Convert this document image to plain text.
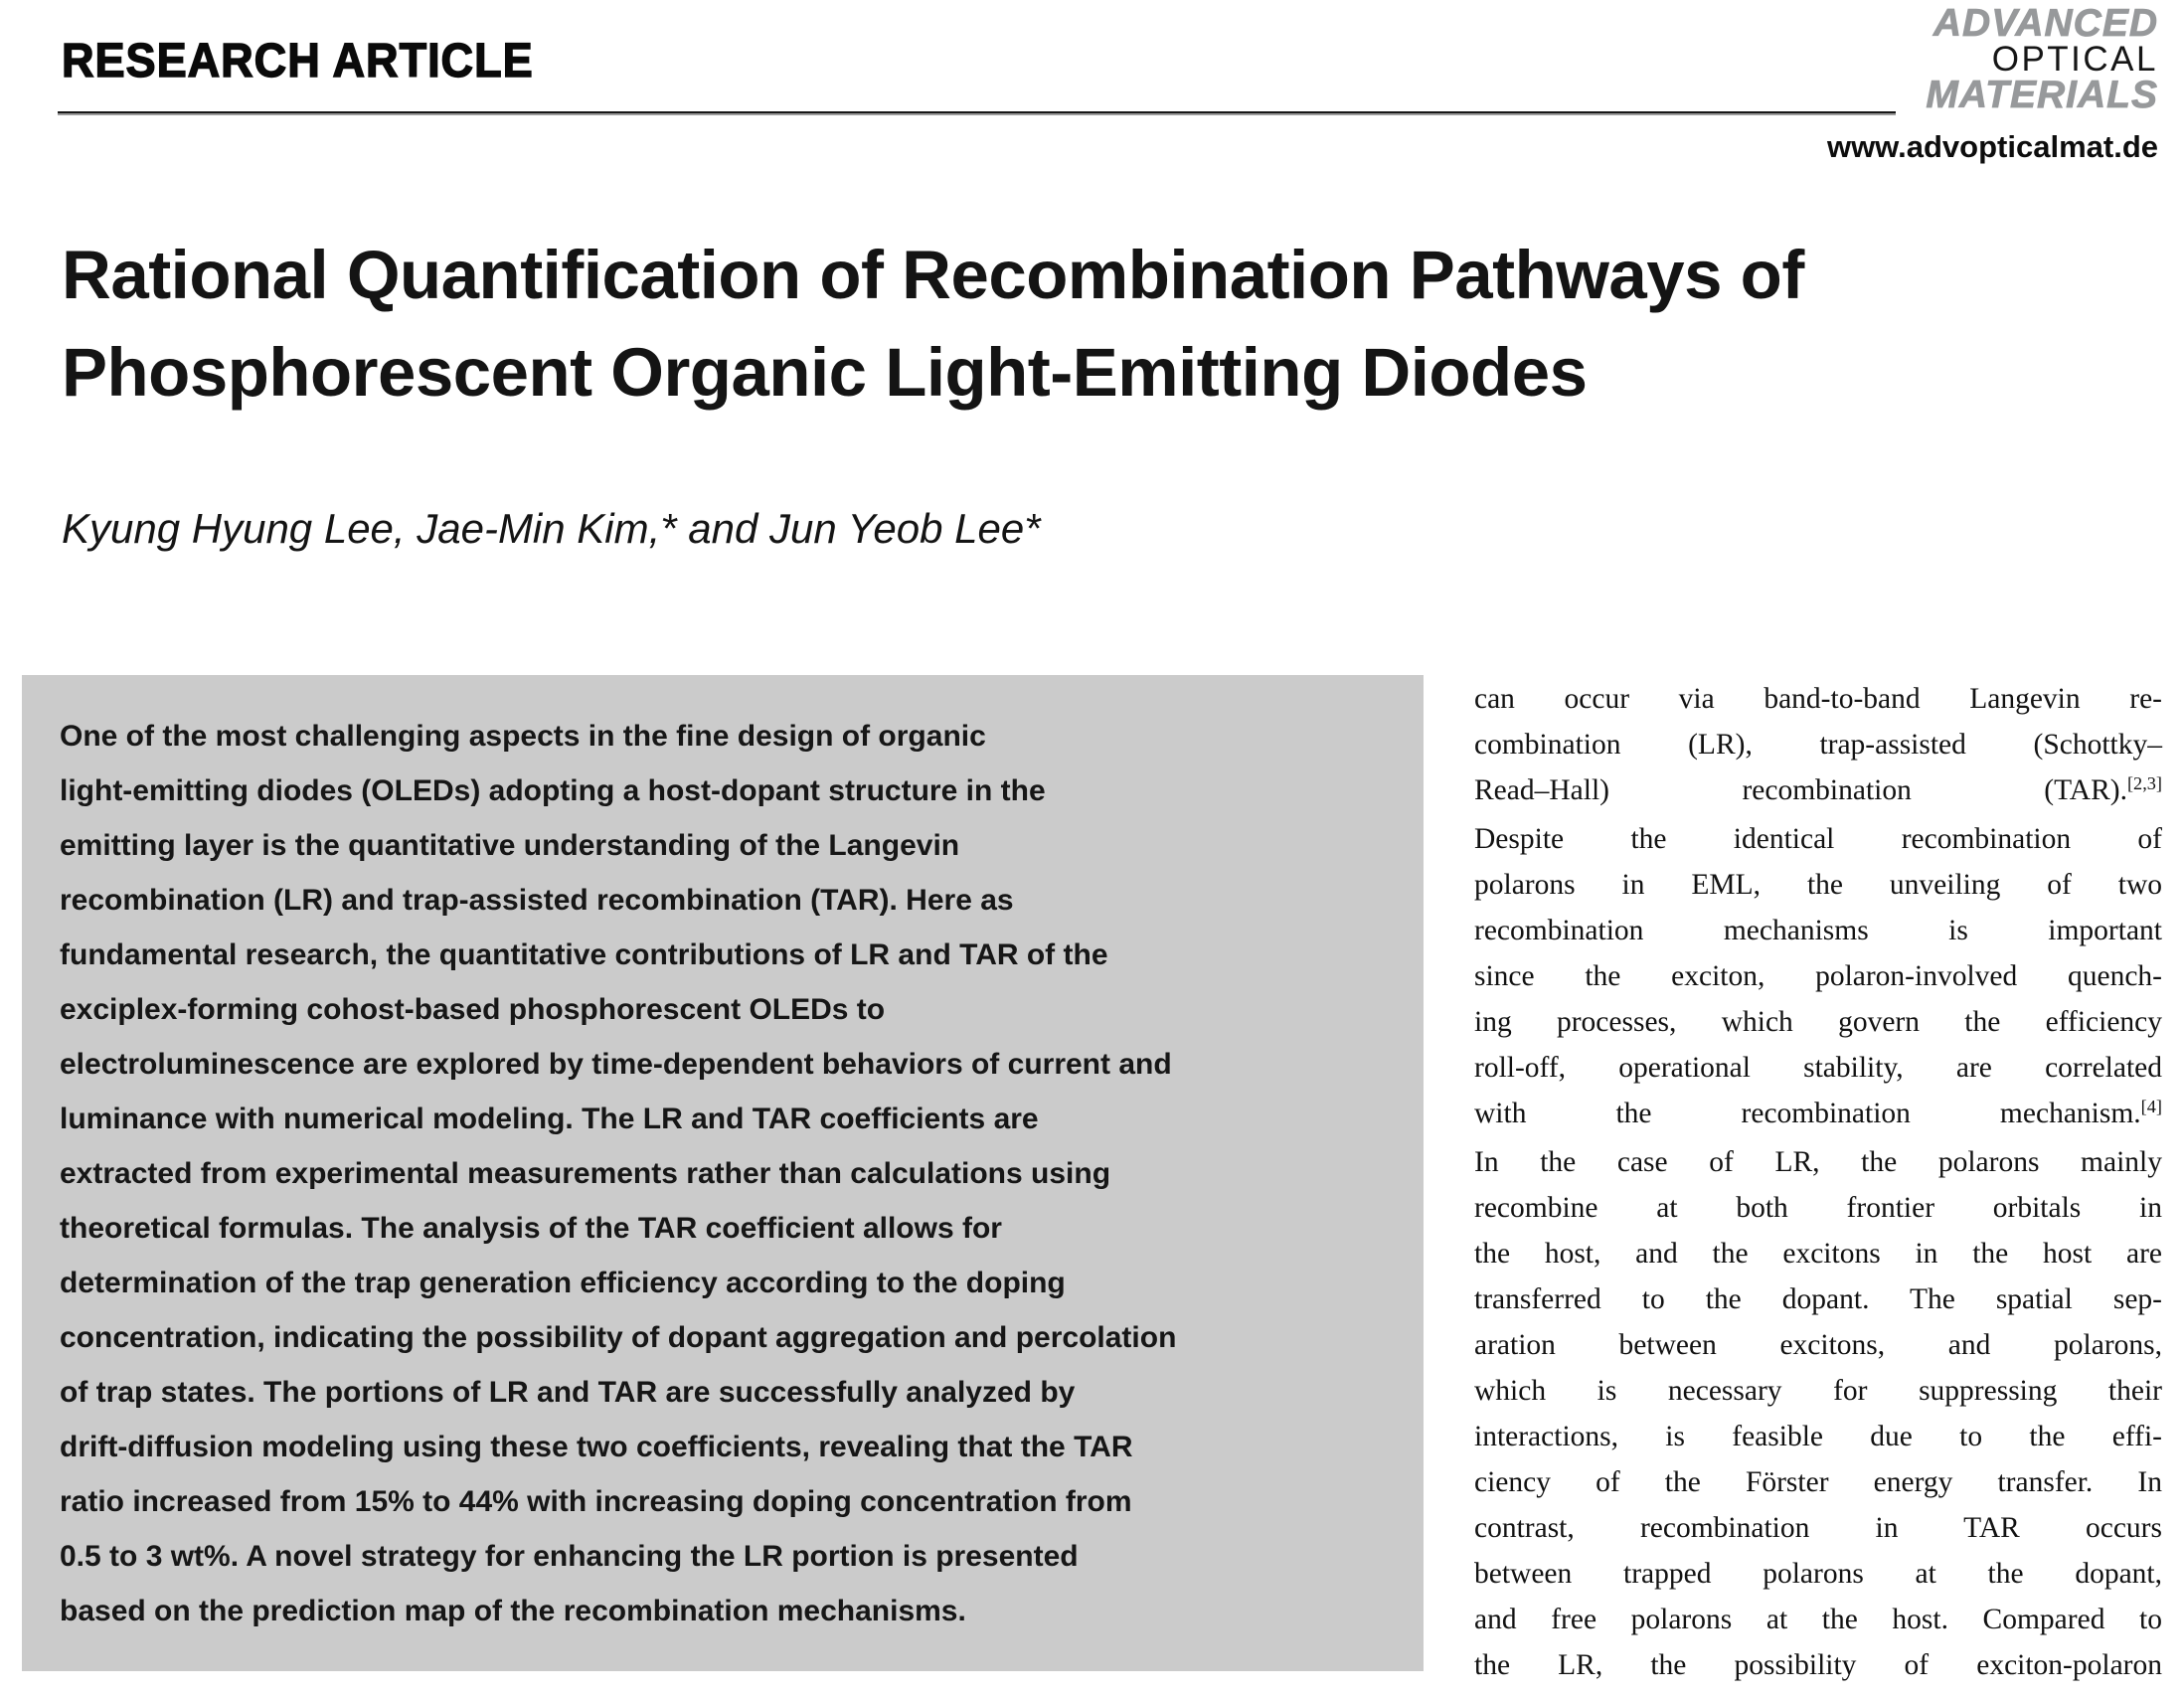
RESEARCH ARTICLE
ADVANCED
OPTICAL
MATERIALS
www.advopticalmat.de
Rational Quantification of Recombination Pathways of
Phosphorescent Organic Light-Emitting Diodes
Kyung Hyung Lee, Jae-Min Kim,* and Jun Yeob Lee*
One of the most challenging aspects in the fine design of organic
light-emitting diodes (OLEDs) adopting a host-dopant structure in the
emitting layer is the quantitative understanding of the Langevin
recombination (LR) and trap-assisted recombination (TAR). Here as
fundamental research, the quantitative contributions of LR and TAR of the
exciplex-forming cohost-based phosphorescent OLEDs to
electroluminescence are explored by time-dependent behaviors of current and
luminance with numerical modeling. The LR and TAR coefficients are
extracted from experimental measurements rather than calculations using
theoretical formulas. The analysis of the TAR coefficient allows for
determination of the trap generation efficiency according to the doping
concentration, indicating the possibility of dopant aggregation and percolation
of trap states. The portions of LR and TAR are successfully analyzed by
drift-diffusion modeling using these two coefficients, revealing that the TAR
ratio increased from 15% to 44% with increasing doping concentration from
0.5 to 3 wt%. A novel strategy for enhancing the LR portion is presented
based on the prediction map of the recombination mechanisms.
can occur via band-to-band Langevin re-
combination (LR), trap-assisted (Schottky–
Read–Hall) recombination (TAR).[2,3]
Despite the identical recombination of
polarons in EML, the unveiling of two
recombination mechanisms is important
since the exciton, polaron-involved quench-
ing processes, which govern the efficiency
roll-off, operational stability, are correlated
with the recombination mechanism.[4]
In the case of LR, the polarons mainly
recombine at both frontier orbitals in
the host, and the excitons in the host are
transferred to the dopant. The spatial sep-
aration between excitons, and polarons,
which is necessary for suppressing their
interactions, is feasible due to the effi-
ciency of the Förster energy transfer. In
contrast, recombination in TAR occurs
between trapped polarons at the dopant,
and free polarons at the host. Compared to
the LR, the possibility of exciton-polaron
